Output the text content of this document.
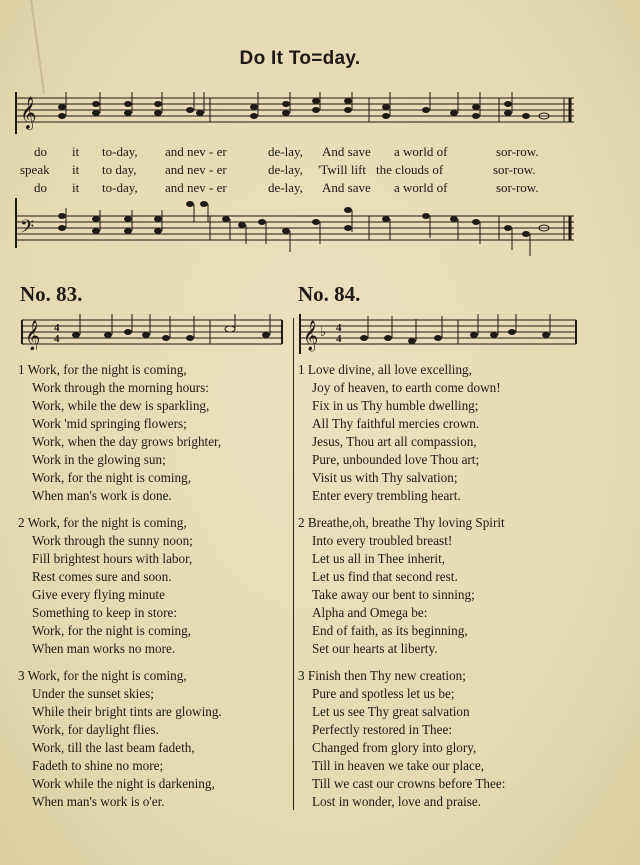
Do It To=day.
𝄞
do it to-day, and nev - er	de-lay, And save a world of	sor-row.
speak it to day, and nev - er	de-lay, 'Twill lift the clouds of	sor-row.
do it to-day, and nev - er	de-lay, And save a world of	sor-row.
𝄢
No. 83.
𝄞 4
4
1 Work, for the night is coming,
Work through the morning hours:
Work, while the dew is sparkling,
Work 'mid springing flowers;
Work, when the day grows brighter,
Work in the glowing sun;
Work, for the night is coming,
When man's work is done.
2 Work, for the night is coming,
Work through the sunny noon;
Fill brightest hours with labor,
Rest comes sure and soon.
Give every flying minute
Something to keep in store:
Work, for the night is coming,
When man works no more.
3 Work, for the night is coming,
Under the sunset skies;
While their bright tints are glowing.
Work, for daylight flies.
Work, till the last beam fadeth,
Fadeth to shine no more;
Work while the night is darkening,
When man's work is o'er.
No. 84.
𝄞 ♭ 4
4
1 Love divine, all love excelling,
Joy of heaven, to earth come down!
Fix in us Thy humble dwelling;
All Thy faithful mercies crown.
Jesus, Thou art all compassion,
Pure, unbounded love Thou art;
Visit us with Thy salvation;
Enter every trembling heart.
2 Breathe,oh, breathe Thy loving Spirit
Into every troubled breast!
Let us all in Thee inherit,
Let us find that second rest.
Take away our bent to sinning;
Alpha and Omega be:
End of faith, as its beginning,
Set our hearts at liberty.
3 Finish then Thy new creation;
Pure and spotless let us be;
Let us see Thy great salvation
Perfectly restored in Thee:
Changed from glory into glory,
Till in heaven we take our place,
Till we cast our crowns before Thee:
Lost in wonder, love and praise.
